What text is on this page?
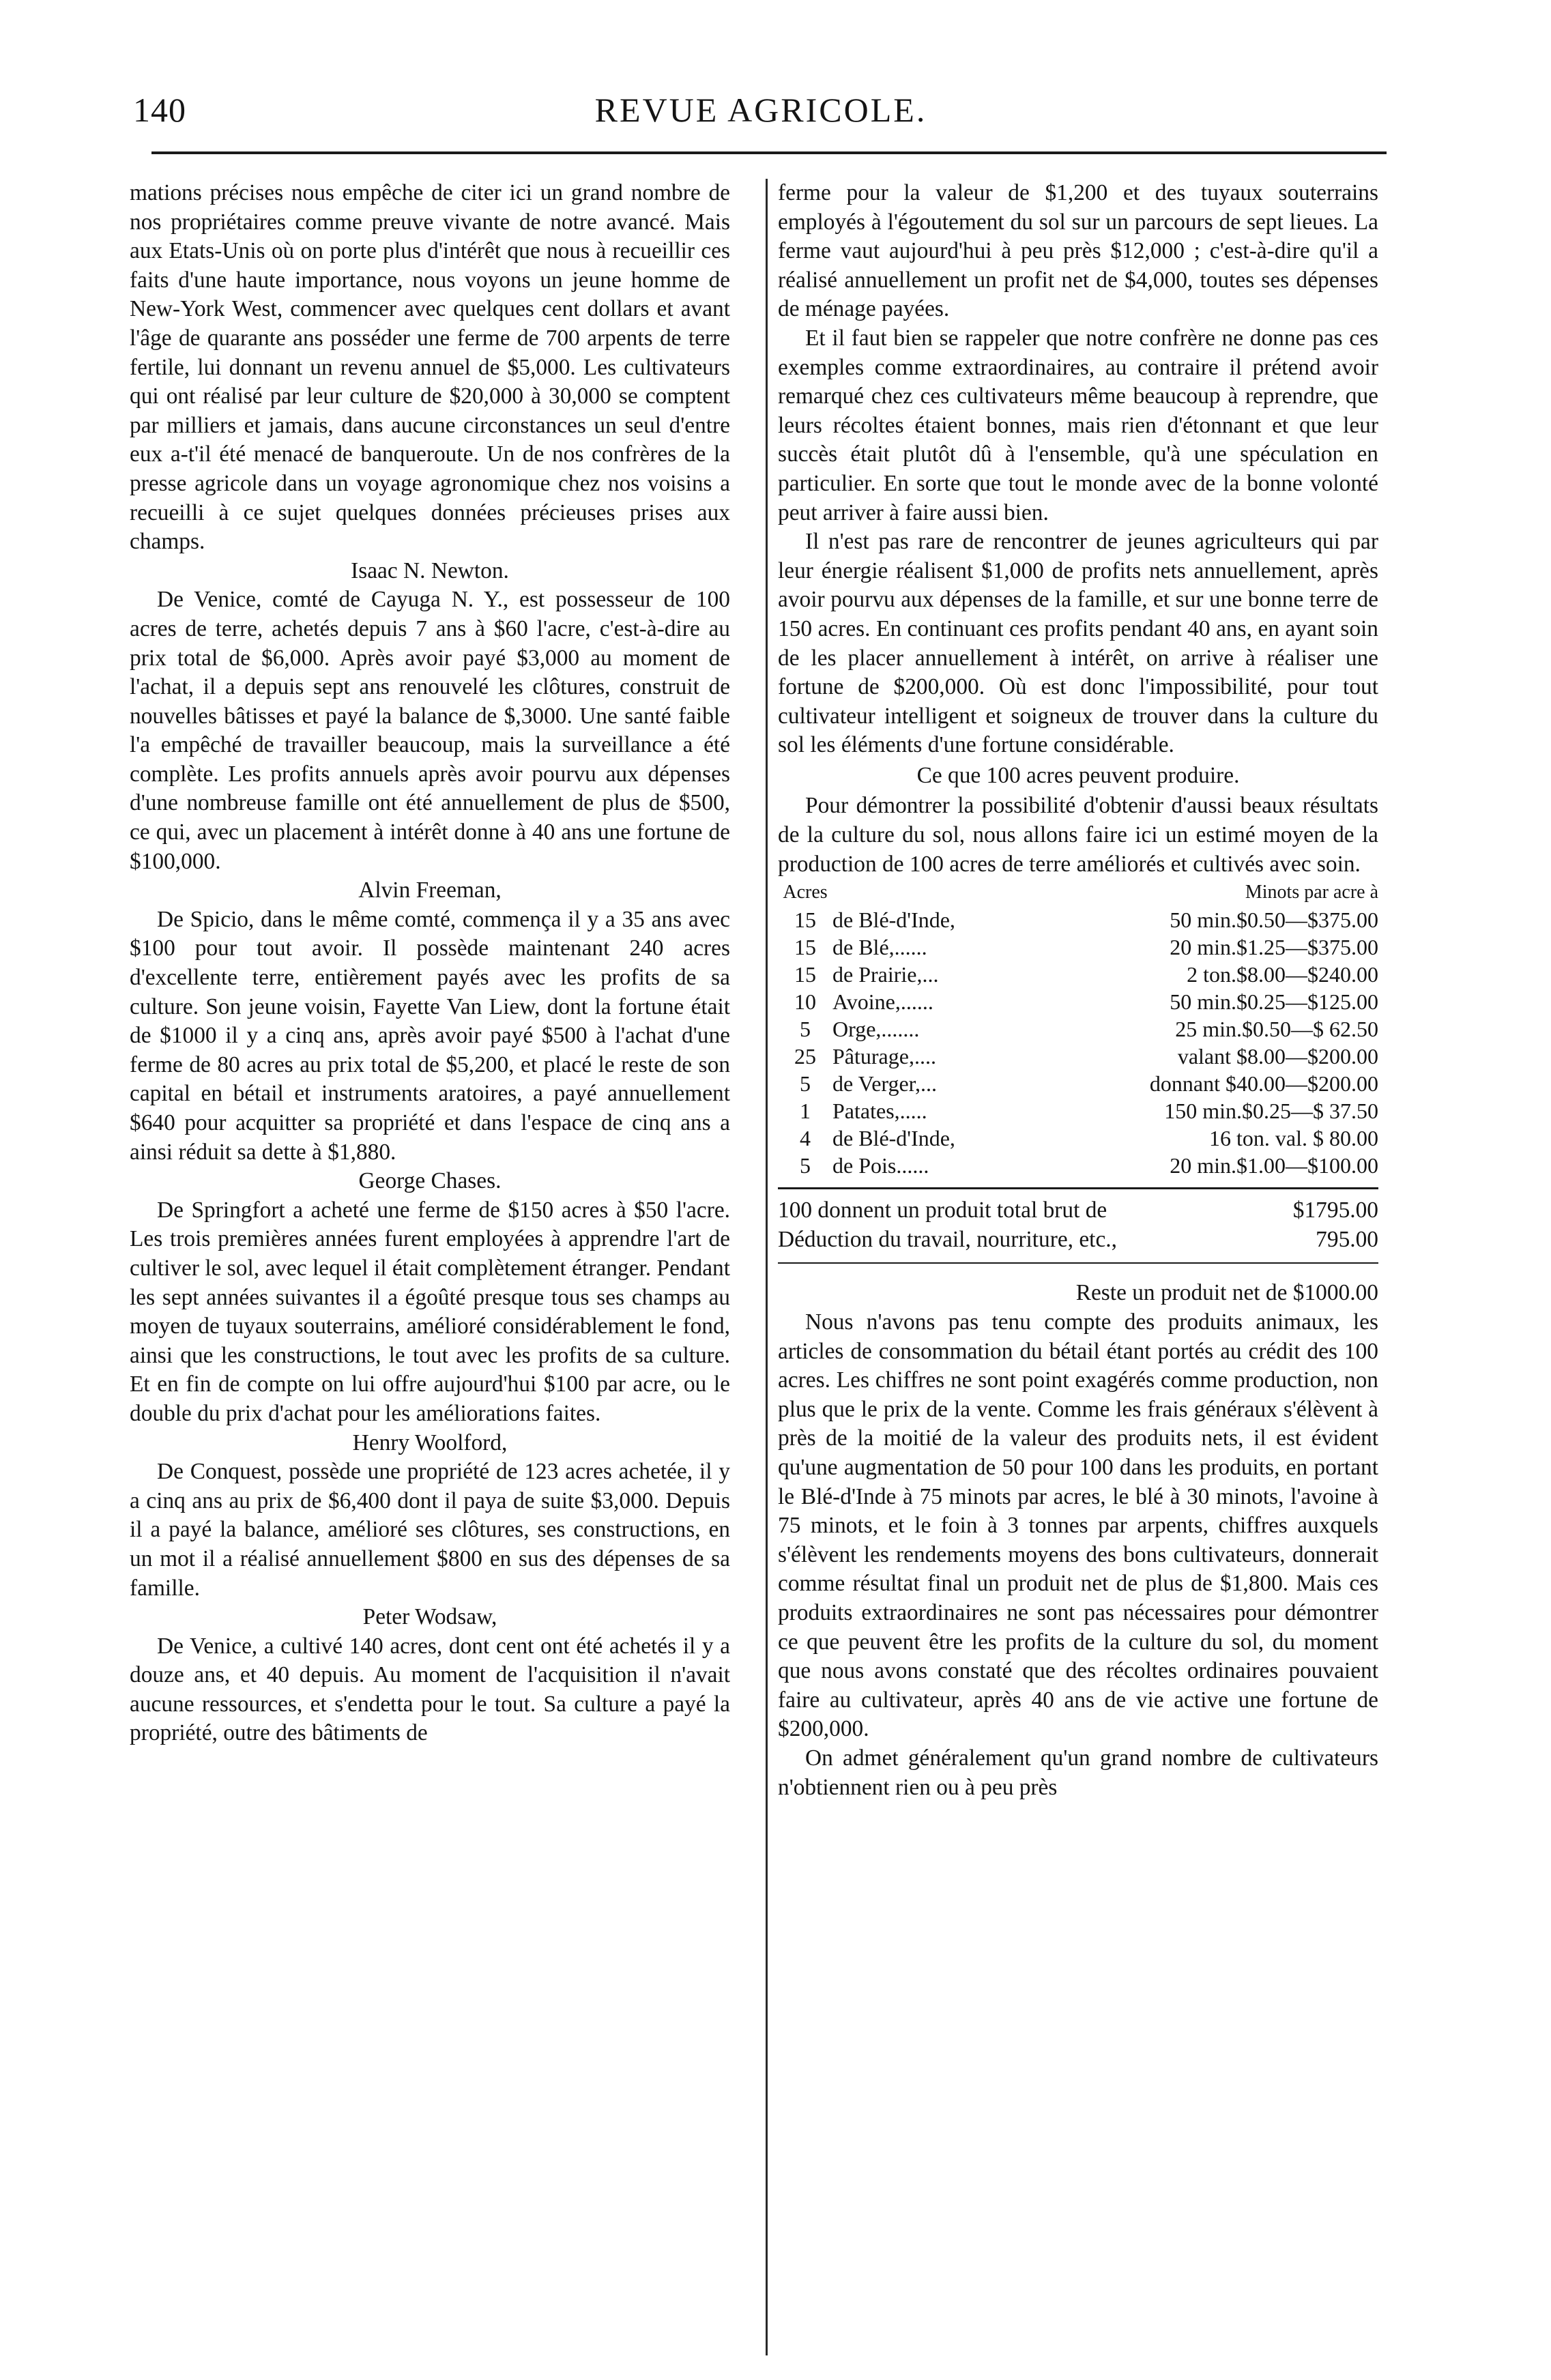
140	REVUE AGRICOLE.

mations précises nous empêche de citer ici un grand nombre de nos propriétaires comme preuve vivante de notre avancé. Mais aux Etats-Unis où on porte plus d'intérêt que nous à recueillir ces faits d'une haute importance, nous voyons un jeune homme de New-York West, commencer avec quelques cent dollars et avant l'âge de quarante ans posséder une ferme de 700 arpents de terre fertile, lui donnant un revenu annuel de $5,000. Les cultivateurs qui ont réalisé par leur culture de $20,000 à 30,000 se comptent par milliers et jamais, dans aucune circonstances un seul d'entre eux a-t'il été menacé de banqueroute. Un de nos confrères de la presse agricole dans un voyage agronomique chez nos voisins a recueilli à ce sujet quelques données précieuses prises aux champs.

Isaac N. Newton.

De Venice, comté de Cayuga N. Y., est possesseur de 100 acres de terre, achetés depuis 7 ans à $60 l'acre, c'est-à-dire au prix total de $6,000. Après avoir payé $3,000 au moment de l'achat, il a depuis sept ans renouvelé les clôtures, construit de nouvelles bâtisses et payé la balance de $,3000. Une santé faible l'a empêché de travailler beaucoup, mais la surveillance a été complète. Les profits annuels après avoir pourvu aux dépenses d'une nombreuse famille ont été annuellement de plus de $500, ce qui, avec un placement à intérêt donne à 40 ans une fortune de $100,000.

Alvin Freeman,

De Spicio, dans le même comté, commença il y a 35 ans avec $100 pour tout avoir. Il possède maintenant 240 acres d'excellente terre, entièrement payés avec les profits de sa culture. Son jeune voisin, Fayette Van Liew, dont la fortune était de $1000 il y a cinq ans, après avoir payé $500 à l'achat d'une ferme de 80 acres au prix total de $5,200, et placé le reste de son capital en bétail et instruments aratoires, a payé annuellement $640 pour acquitter sa propriété et dans l'espace de cinq ans a ainsi réduit sa dette à $1,880.

George Chases.

De Springfort a acheté une ferme de $150 acres à $50 l'acre. Les trois premières années furent employées à apprendre l'art de cultiver le sol, avec lequel il était complètement étranger. Pendant les sept années suivantes il a égoûté presque tous ses champs au moyen de tuyaux souterrains, amélioré considérablement le fond, ainsi que les constructions, le tout avec les profits de sa culture. Et en fin de compte on lui offre aujourd'hui $100 par acre, ou le double du prix d'achat pour les améliorations faites.

Henry Woolford,

De Conquest, possède une propriété de 123 acres achetée, il y a cinq ans au prix de $6,400 dont il paya de suite $3,000. Depuis il a payé la balance, amélioré ses clôtures, ses constructions, en un mot il a réalisé annuellement $800 en sus des dépenses de sa famille.

Peter Wodsaw,

De Venice, a cultivé 140 acres, dont cent ont été achetés il y a douze ans, et 40 depuis. Au moment de l'acquisition il n'avait aucune ressources, et s'endetta pour le tout. Sa culture a payé la propriété, outre des bâtiments de

ferme pour la valeur de $1,200 et des tuyaux souterrains employés à l'égoutement du sol sur un parcours de sept lieues. La ferme vaut aujourd'hui à peu près $12,000 ; c'est-à-dire qu'il a réalisé annuellement un profit net de $4,000, toutes ses dépenses de ménage payées.

Et il faut bien se rappeler que notre confrère ne donne pas ces exemples comme extraordinaires, au contraire il prétend avoir remarqué chez ces cultivateurs même beaucoup à reprendre, que leurs récoltes étaient bonnes, mais rien d'étonnant et que leur succès était plutôt dû à l'ensemble, qu'à une spéculation en particulier. En sorte que tout le monde avec de la bonne volonté peut arriver à faire aussi bien.

Il n'est pas rare de rencontrer de jeunes agriculteurs qui par leur énergie réalisent $1,000 de profits nets annuellement, après avoir pourvu aux dépenses de la famille, et sur une bonne terre de 150 acres. En continuant ces profits pendant 40 ans, en ayant soin de les placer annuellement à intérêt, on arrive à réaliser une fortune de $200,000. Où est donc l'impossibilité, pour tout cultivateur intelligent et soigneux de trouver dans la culture du sol les éléments d'une fortune considérable.

Ce que 100 acres peuvent produire.

Pour démontrer la possibilité d'obtenir d'aussi beaux résultats de la culture du sol, nous allons faire ici un estimé moyen de la production de 100 acres de terre améliorés et cultivés avec soin.

Acres		Minots par acre à
15	de Blé-d'Inde,	50 min.$0.50—$375.00
15	de Blé,......	20 min.$1.25—$375.00
15	de Prairie,...	2 ton.$8.00—$240.00
10	Avoine,......	50 min.$0.25—$125.00
5	Orge,.......	25 min.$0.50—$ 62.50
25	Pâturage,....	valant $8.00—$200.00
5	de Verger,...	donnant $40.00—$200.00
1	Patates,.....	150 min.$0.25—$ 37.50
4	de Blé-d'Inde,	16 ton. val. $ 80.00
5	de Pois......	20 min.$1.00—$100.00
100 donnent un produit total brut de	$1795.00
Déduction du travail, nourriture, etc.,	795.00

Reste un produit net de $1000.00

Nous n'avons pas tenu compte des produits animaux, les articles de consommation du bétail étant portés au crédit des 100 acres. Les chiffres ne sont point exagérés comme production, non plus que le prix de la vente. Comme les frais généraux s'élèvent à près de la moitié de la valeur des produits nets, il est évident qu'une augmentation de 50 pour 100 dans les produits, en portant le Blé-d'Inde à 75 minots par acres, le blé à 30 minots, l'avoine à 75 minots, et le foin à 3 tonnes par arpents, chiffres auxquels s'élèvent les rendements moyens des bons cultivateurs, donnerait comme résultat final un produit net de plus de $1,800. Mais ces produits extraordinaires ne sont pas nécessaires pour démontrer ce que peuvent être les profits de la culture du sol, du moment que nous avons constaté que des récoltes ordinaires pouvaient faire au cultivateur, après 40 ans de vie active une fortune de $200,000.

On admet généralement qu'un grand nombre de cultivateurs n'obtiennent rien ou à peu près
